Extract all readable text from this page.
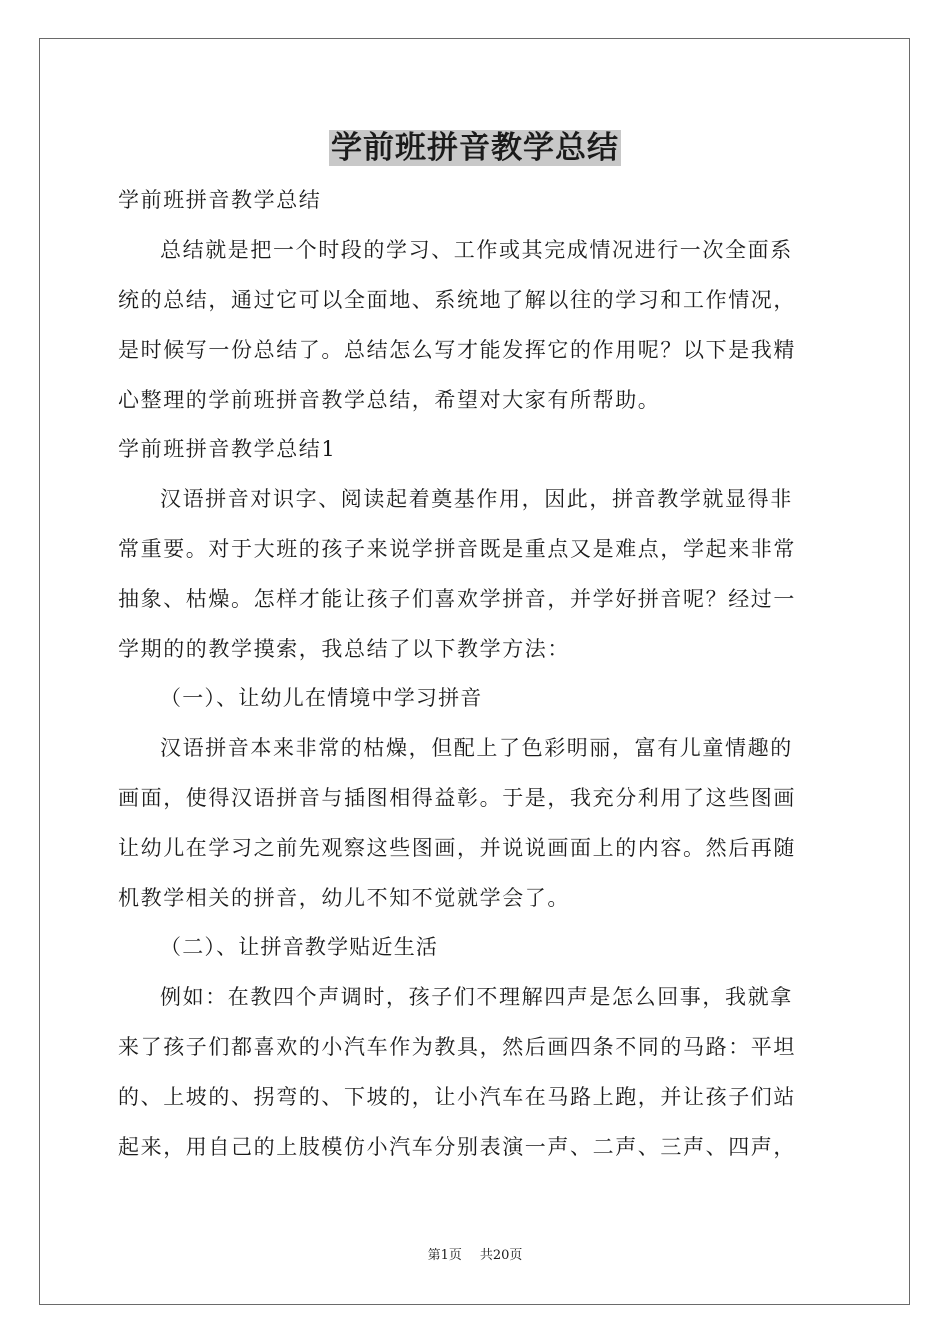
学前班拼音教学总结
学前班拼音教学总结
总结就是把一个时段的学习、工作或其完成情况进行一次全面系
统的总结，通过它可以全面地、系统地了解以往的学习和工作情况，
是时候写一份总结了。总结怎么写才能发挥它的作用呢？以下是我精
心整理的学前班拼音教学总结，希望对大家有所帮助。
学前班拼音教学总结1
汉语拼音对识字、阅读起着奠基作用，因此，拼音教学就显得非
常重要。对于大班的孩子来说学拼音既是重点又是难点，学起来非常
抽象、枯燥。怎样才能让孩子们喜欢学拼音，并学好拼音呢？经过一
学期的的教学摸索，我总结了以下教学方法：
（一）、让幼儿在情境中学习拼音
汉语拼音本来非常的枯燥，但配上了色彩明丽，富有儿童情趣的
画面，使得汉语拼音与插图相得益彰。于是，我充分利用了这些图画
让幼儿在学习之前先观察这些图画，并说说画面上的内容。然后再随
机教学相关的拼音，幼儿不知不觉就学会了。
（二）、让拼音教学贴近生活
例如：在教四个声调时，孩子们不理解四声是怎么回事，我就拿
来了孩子们都喜欢的小汽车作为教具，然后画四条不同的马路：平坦
的、上坡的、拐弯的、下坡的，让小汽车在马路上跑，并让孩子们站
起来，用自己的上肢模仿小汽车分别表演一声、二声、三声、四声，
第1页 共20页
